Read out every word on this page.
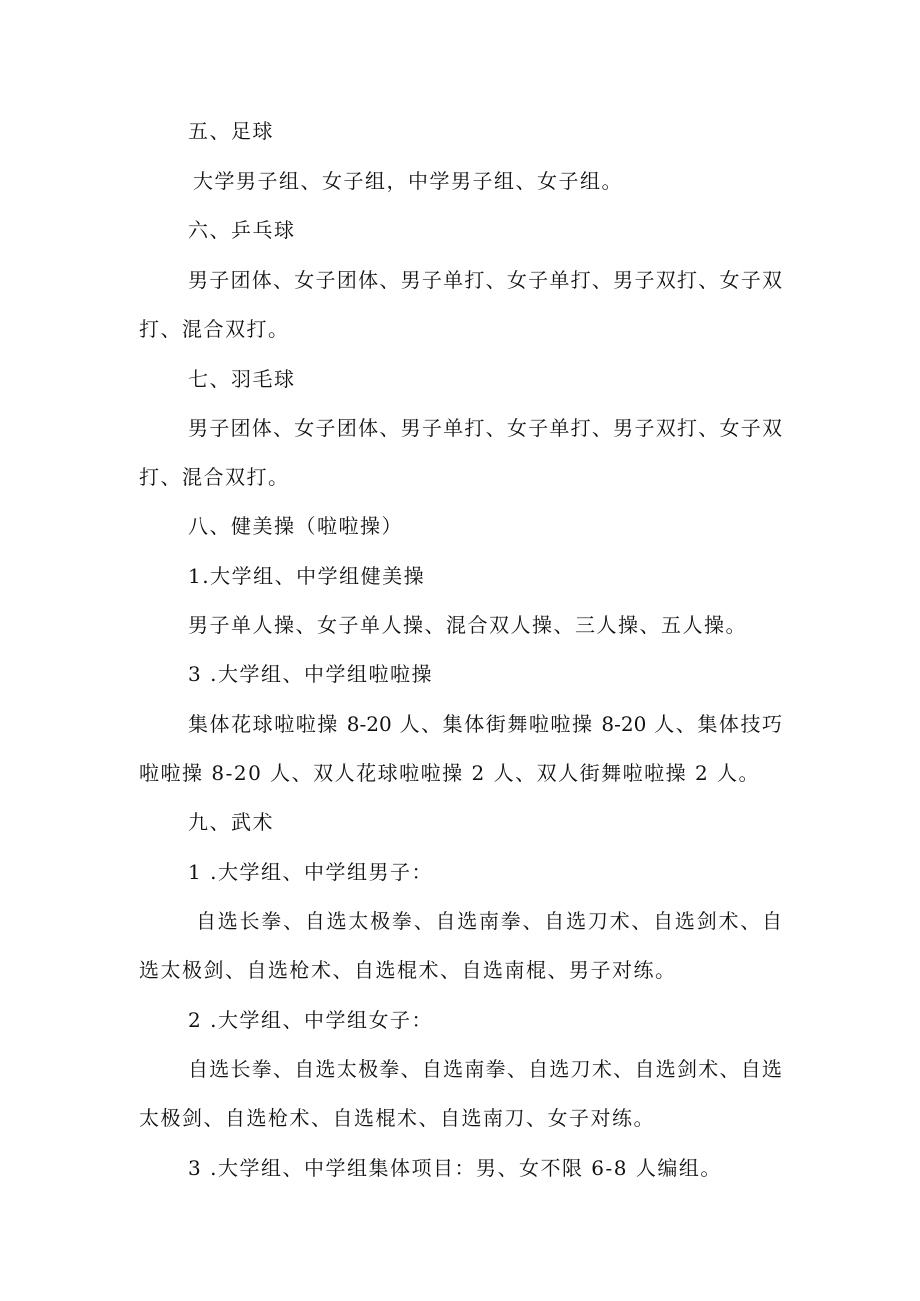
五、足球
大学男子组、女子组，中学男子组、女子组。
六、乒乓球
男子团体、女子团体、男子单打、女子单打、男子双打、女子双
打、混合双打。
七、羽毛球
男子团体、女子团体、男子单打、女子单打、男子双打、女子双
打、混合双打。
八、健美操（啦啦操）
1.大学组、中学组健美操
男子单人操、女子单人操、混合双人操、三人操、五人操。
3 .大学组、中学组啦啦操
集体花球啦啦操 8-20 人、集体街舞啦啦操 8-20 人、集体技巧
啦啦操 8-20 人、双人花球啦啦操 2 人、双人街舞啦啦操 2 人。
九、武术
1 .大学组、中学组男子：
自选长拳、自选太极拳、自选南拳、自选刀术、自选剑术、自
选太极剑、自选枪术、自选棍术、自选南棍、男子对练。
2 .大学组、中学组女子：
自选长拳、自选太极拳、自选南拳、自选刀术、自选剑术、自选
太极剑、自选枪术、自选棍术、自选南刀、女子对练。
3 .大学组、中学组集体项目：男、女不限 6-8 人编组。
